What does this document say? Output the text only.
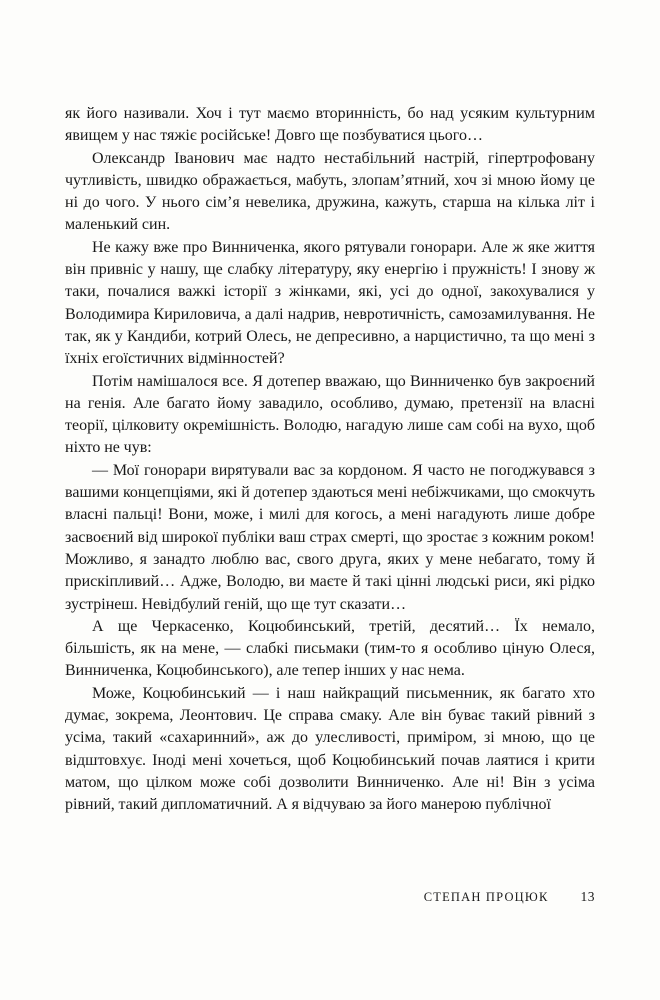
як його називали. Хоч і тут маємо вторинність, бо над усяким культурним явищем у нас тяжіє російське! Довго ще позбуватися цього…

Олександр Іванович має надто нестабільний настрій, гіпертрофовану чутливість, швидко ображається, мабуть, злопам’ятний, хоч зі мною йому це ні до чого. У нього сім’я невелика, дружина, кажуть, старша на кілька літ і маленький син.

Не кажу вже про Винниченка, якого рятували гонорари. Але ж яке життя він привніс у нашу, ще слабку літературу, яку енергію і пружність! І знову ж таки, почалися важкі історії з жінками, які, усі до одної, закохувалися у Володимира Кириловича, а далі надрив, невротичність, самозамилування. Не так, як у Кандиби, котрий Олесь, не депресивно, а нарцистично, та що мені з їхніх егоїстичних відмінностей?

Потім намішалося все. Я дотепер вважаю, що Винниченко був закроєний на генія. Але багато йому завадило, особливо, думаю, претензії на власні теорії, цілковиту окремішність. Володю, нагадую лише сам собі на вухо, щоб ніхто не чув:

— Мої гонорари вирятували вас за кордоном. Я часто не погоджувався з вашими концепціями, які й дотепер здаються мені небіжчиками, що смокчуть власні пальці! Вони, може, і милі для когось, а мені нагадують лише добре засвоєний від широкої публіки ваш страх смерті, що зростає з кожним роком! Можливо, я занадто люблю вас, свого друга, яких у мене небагато, тому й прискіпливий… Адже, Володю, ви маєте й такі цінні людські риси, які рідко зустрінеш. Невідбулий геній, що ще тут сказати…

А ще Черкасенко, Коцюбинський, третій, десятий… Їх немало, більшість, як на мене, — слабкі письмаки (тим-то я особливо ціную Олеся, Винниченка, Коцюбинського), але тепер інших у нас нема.

Може, Коцюбинський — і наш найкращий письменник, як багато хто думає, зокрема, Леонтович. Це справа смаку. Але він буває такий рівний з усіма, такий «сахаринний», аж до улесливості, приміром, зі мною, що це відштовхує. Іноді мені хочеться, щоб Коцюбинський почав лаятися і крити матом, що цілком може собі дозволити Винниченко. Але ні! Він з усіма рівний, такий дипломатичний. А я відчуваю за його манерою публічної

СТЕПАН ПРОЦЮК 13
